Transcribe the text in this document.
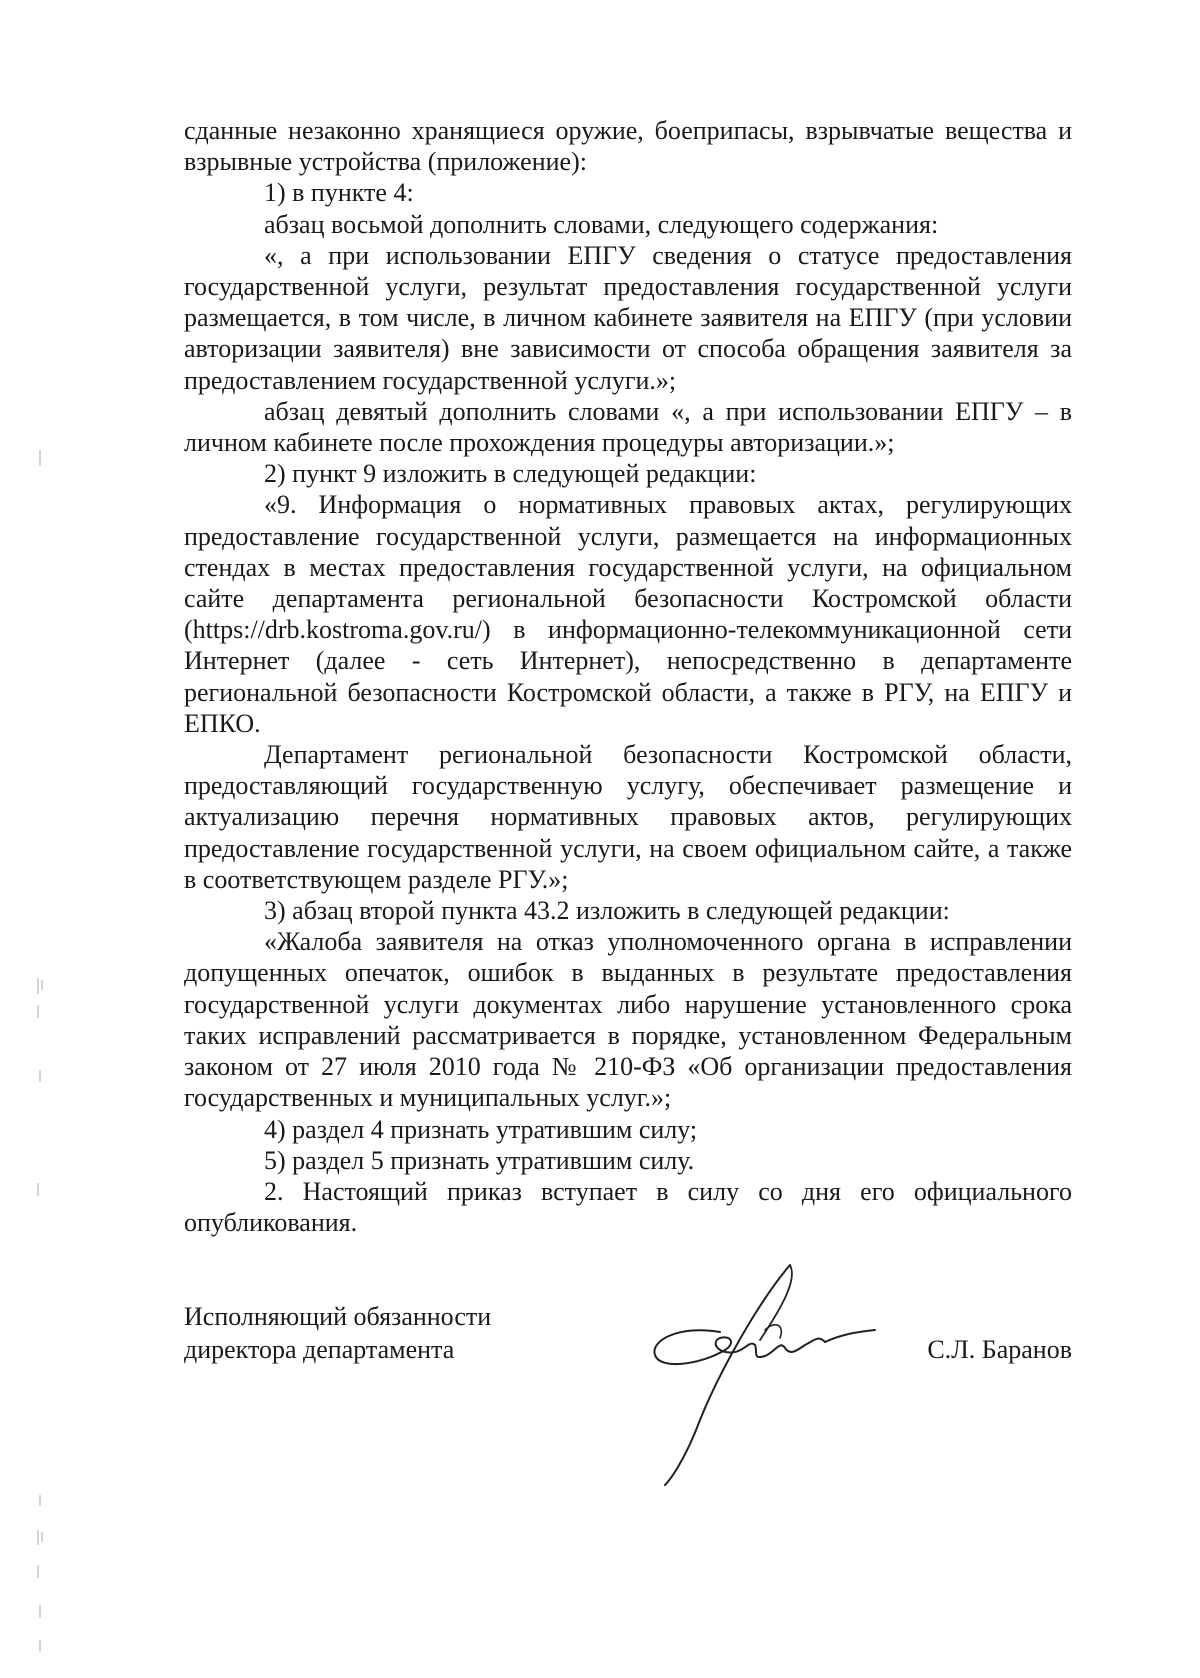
сданные незаконно хранящиеся оружие, боеприпасы, взрывчатые вещества и взрывные устройства (приложение):

1) в пункте 4:

абзац восьмой дополнить словами, следующего содержания:

«, а при использовании ЕПГУ сведения о статусе предоставления государственной услуги, результат предоставления государственной услуги размещается, в том числе, в личном кабинете заявителя на ЕПГУ (при условии авторизации заявителя) вне зависимости от способа обращения заявителя за предоставлением государственной услуги.»;

абзац девятый дополнить словами «, а при использовании ЕПГУ – в личном кабинете после прохождения процедуры авторизации.»;

2) пункт 9 изложить в следующей редакции:

«9. Информация о нормативных правовых актах, регулирующих предоставление государственной услуги, размещается на информационных стендах в местах предоставления государственной услуги, на официальном сайте департамента региональной безопасности Костромской области (https://drb.kostroma.gov.ru/) в информационно-телекоммуникационной сети Интернет (далее - сеть Интернет), непосредственно в департаменте региональной безопасности Костромской области, а также в РГУ, на ЕПГУ и ЕПКО.

Департамент региональной безопасности Костромской области, предоставляющий государственную услугу, обеспечивает размещение и актуализацию перечня нормативных правовых актов, регулирующих предоставление государственной услуги, на своем официальном сайте, а также в соответствующем разделе РГУ.»;

3) абзац второй пункта 43.2 изложить в следующей редакции:

«Жалоба заявителя на отказ уполномоченного органа в исправлении допущенных опечаток, ошибок в выданных в результате предоставления государственной услуги документах либо нарушение установленного срока таких исправлений рассматривается в порядке, установленном Федеральным законом от 27 июля 2010 года № 210-ФЗ «Об организации предоставления государственных и муниципальных услуг.»;

4) раздел 4 признать утратившим силу;

5) раздел 5 признать утратившим силу.

2. Настоящий приказ вступает в силу со дня его официального опубликования.

Исполняющий обязанности
директора департамента	С.Л. Баранов
